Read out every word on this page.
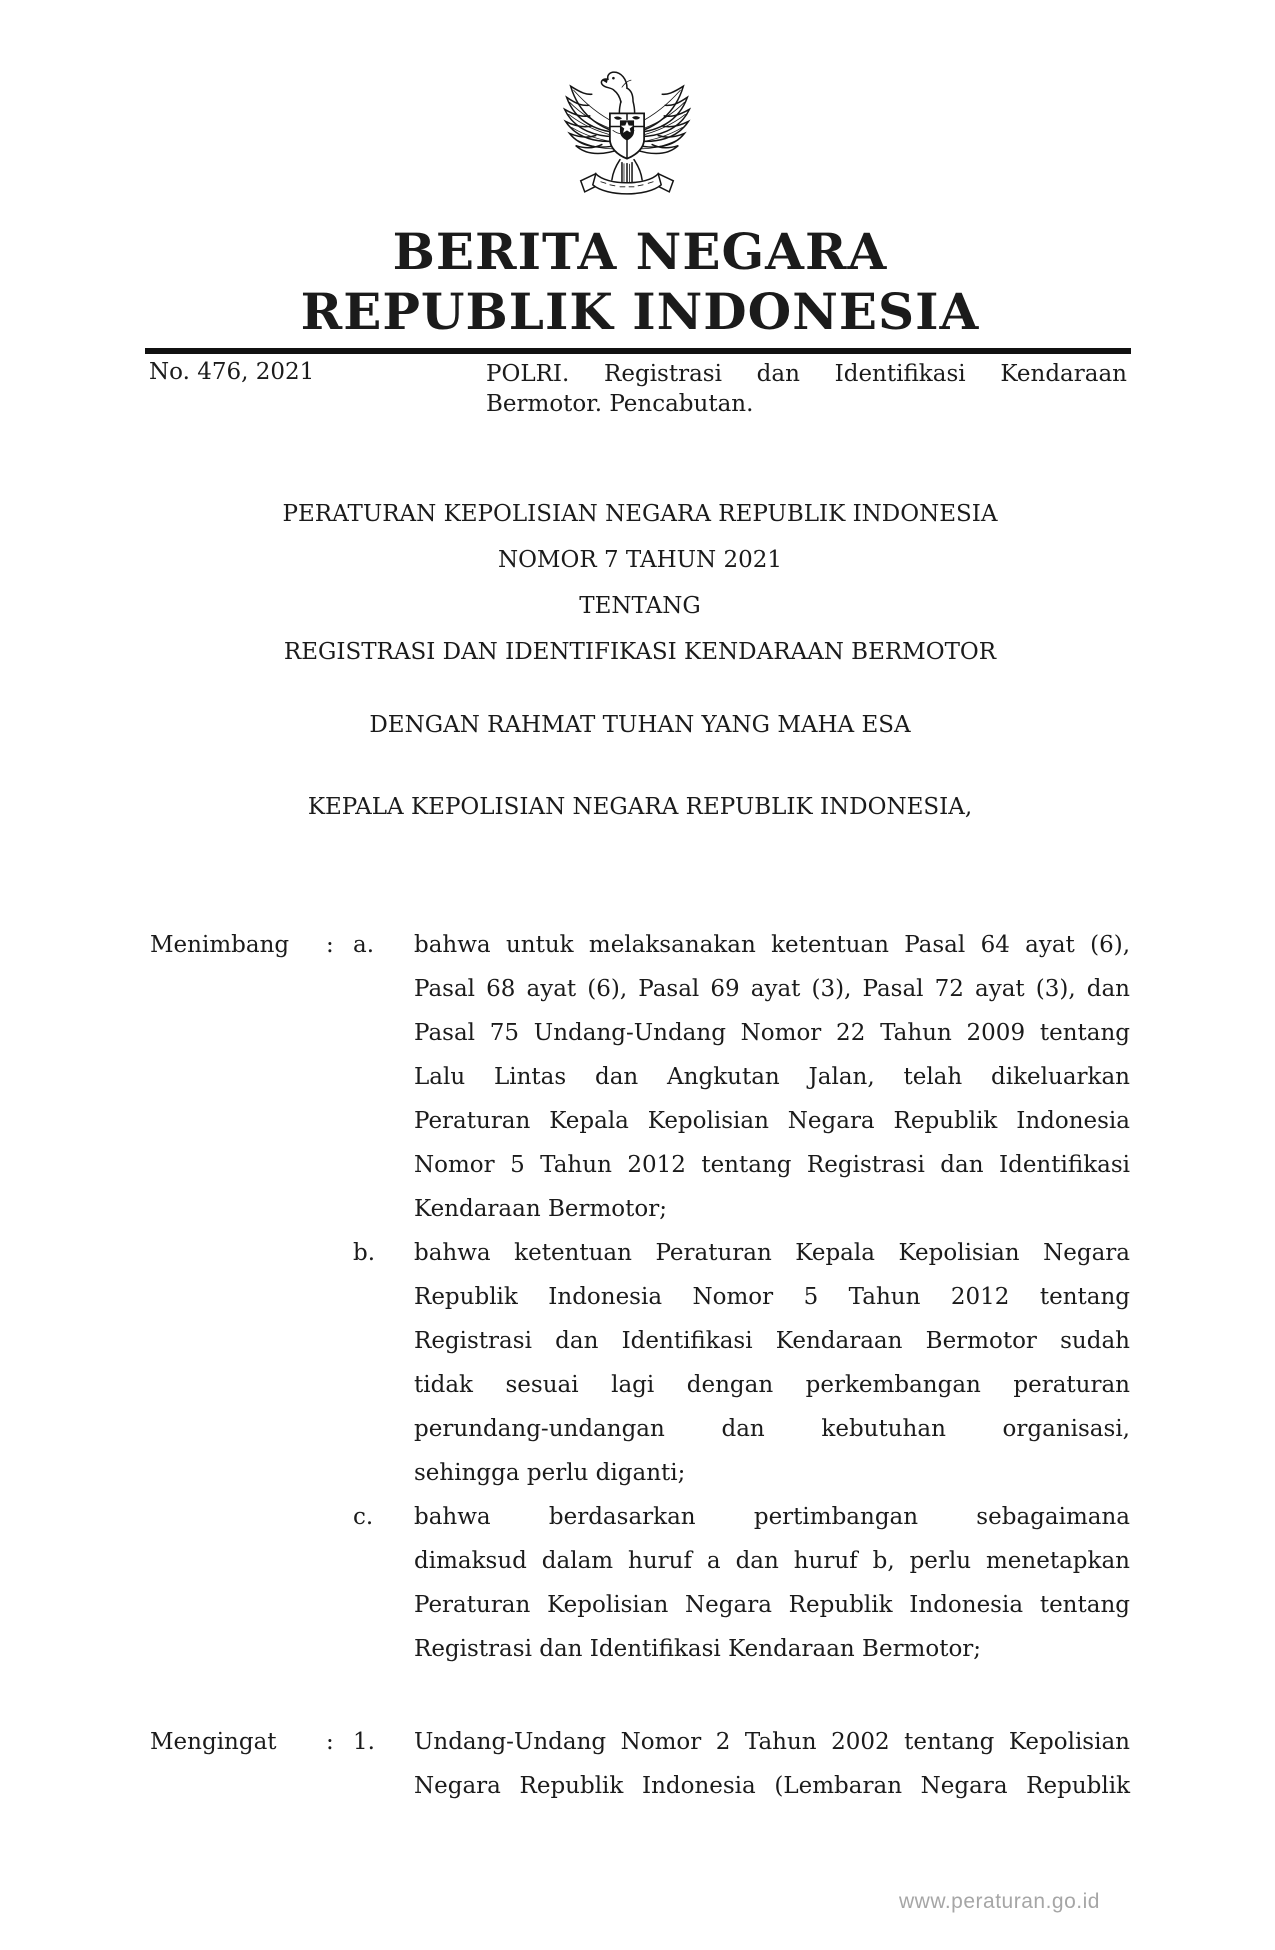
BERITA NEGARA
REPUBLIK INDONESIA
No. 476, 2021	POLRI. Registrasi dan Identifikasi Kendaraan
Bermotor. Pencabutan.
PERATURAN KEPOLISIAN NEGARA REPUBLIK INDONESIA
NOMOR 7 TAHUN 2021
TENTANG
REGISTRASI DAN IDENTIFIKASI KENDARAAN BERMOTOR
DENGAN RAHMAT TUHAN YANG MAHA ESA
KEPALA KEPOLISIAN NEGARA REPUBLIK INDONESIA,
Menimbang	: a.	bahwa untuk melaksanakan ketentuan Pasal 64 ayat (6),
Pasal 68 ayat (6), Pasal 69 ayat (3), Pasal 72 ayat (3), dan
Pasal 75 Undang-Undang Nomor 22 Tahun 2009 tentang
Lalu Lintas dan Angkutan Jalan, telah dikeluarkan
Peraturan Kepala Kepolisian Negara Republik Indonesia
Nomor 5 Tahun 2012 tentang Registrasi dan Identifikasi
Kendaraan Bermotor;
b.	bahwa ketentuan Peraturan Kepala Kepolisian Negara
Republik Indonesia Nomor 5 Tahun 2012 tentang
Registrasi dan Identifikasi Kendaraan Bermotor sudah
tidak sesuai lagi dengan perkembangan peraturan
perundang-undangan dan kebutuhan organisasi,
sehingga perlu diganti;
c.	bahwa berdasarkan pertimbangan sebagaimana
dimaksud dalam huruf a dan huruf b, perlu menetapkan
Peraturan Kepolisian Negara Republik Indonesia tentang
Registrasi dan Identifikasi Kendaraan Bermotor;
Mengingat	: 1.	Undang-Undang Nomor 2 Tahun 2002 tentang Kepolisian
Negara Republik Indonesia (Lembaran Negara Republik
www.peraturan.go.id
